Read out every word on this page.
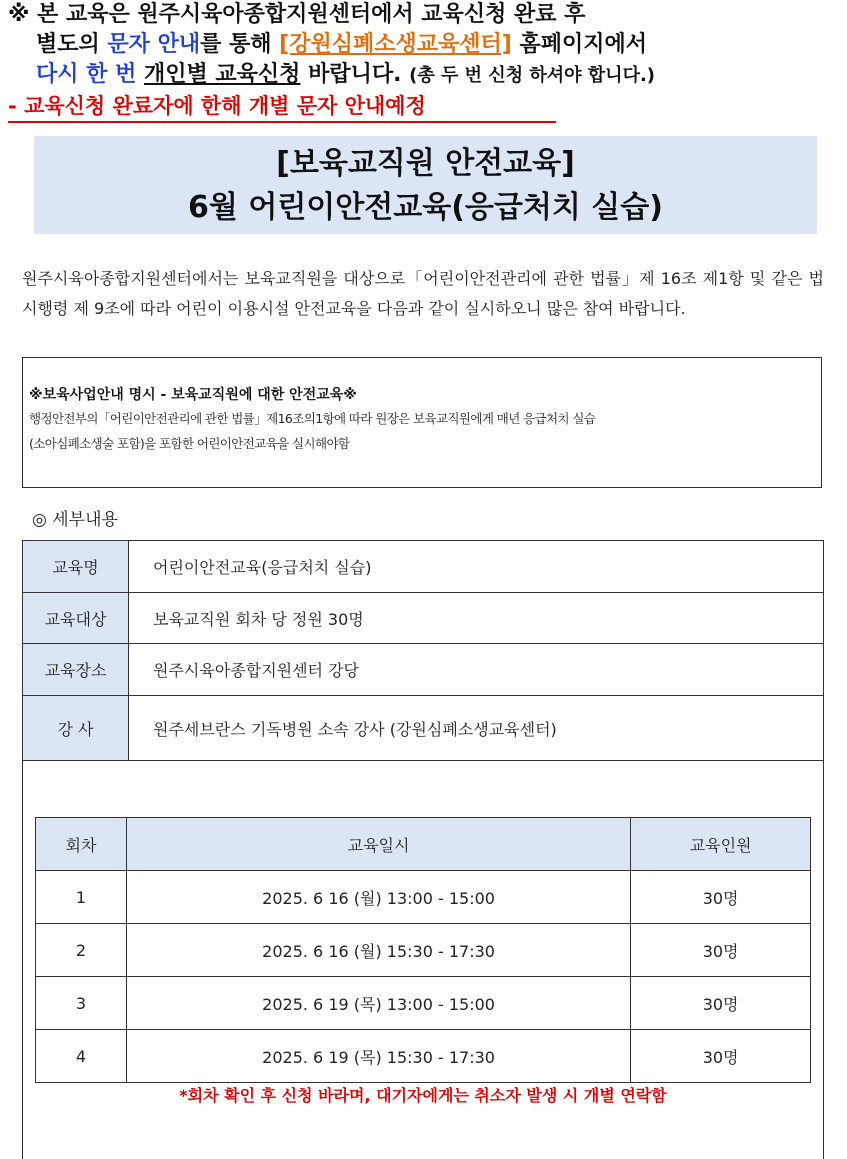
※ 본 교육은 원주시육아종합지원센터에서 교육신청 완료 후
별도의 문자 안내를 통해 [강원심폐소생교육센터] 홈페이지에서
다시 한 번 개인별 교육신청 바랍니다. (총 두 번 신청 하셔야 합니다.)
- 교육신청 완료자에 한해 개별 문자 안내예정
[보육교직원 안전교육]
6월 어린이안전교육(응급처치 실습)
원주시육아종합지원센터에서는 보육교직원을 대상으로「어린이안전관리에 관한 법률」제 16조 제1항 및 같은 법 시행령 제 9조에 따라 어린이 이용시설 안전교육을 다음과 같이 실시하오니 많은 참여 바랍니다.
※보육사업안내 명시 - 보육교직원에 대한 안전교육※
행정안전부의「어린이안전관리에 관한 법률」제16조의1항에 따라 원장은 보육교직원에게 매년 응급처치 실습
(소아심폐소생술 포함)을 포함한 어린이안전교육을 실시해야함
◎ 세부내용
교육명	어린이안전교육(응급처치 실습)
교육대상	보육교직원 회차 당 정원 30명
교육장소	원주시육아종합지원센터 강당
강 사	원주세브란스 기독병원 소속 강사 (강원심폐소생교육센터)
회차	교육일시	교육인원
1	2025. 6 16 (월) 13:00 - 15:00	30명
2	2025. 6 16 (월) 15:30 - 17:30	30명
3	2025. 6 19 (목) 13:00 - 15:00	30명
4	2025. 6 19 (목) 15:30 - 17:30	30명
*회차 확인 후 신청 바라며, 대기자에게는 취소자 발생 시 개별 연락함
